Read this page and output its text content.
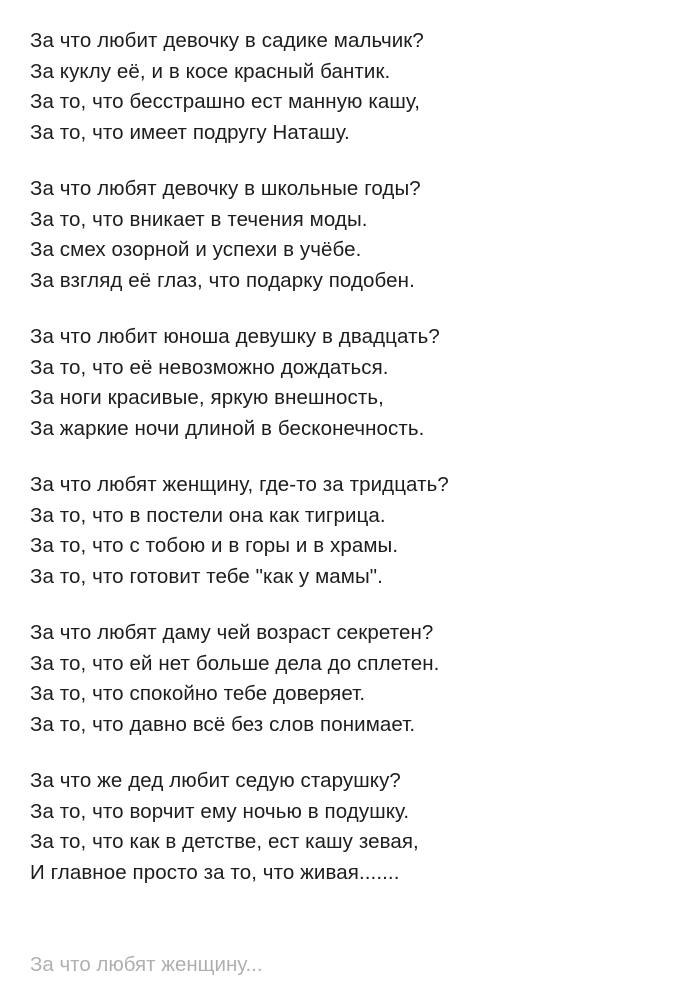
За что любит девочку в садике мальчик?
За куклу её, и в косе красный бантик.
За то, что бесстрашно ест манную кашу,
За то, что имеет подругу Наташу.
За что любят девочку в школьные годы?
За то, что вникает в течения моды.
За смех озорной и успехи в учёбе.
За взгляд её глаз, что подарку подобен.
За что любит юноша девушку в двадцать?
За то, что её невозможно дождаться.
За ноги красивые, яркую внешность,
За жаркие ночи длиной в бесконечность.
За что любят женщину, где-то за тридцать?
За то, что в постели она как тигрица.
За то, что с тобою и в горы и в храмы.
За то, что готовит тебе "как у мамы".
За что любят даму чей возраст секретен?
За то, что ей нет больше дела до сплетен.
За то, что спокойно тебе доверяет.
За то, что давно всё без слов понимает.
За что же дед любит седую старушку?
За то, что ворчит ему ночью в подушку.
За то, что как в детстве, ест кашу зевая,
И главное просто за то, что живая.......
За что любят женщину...
